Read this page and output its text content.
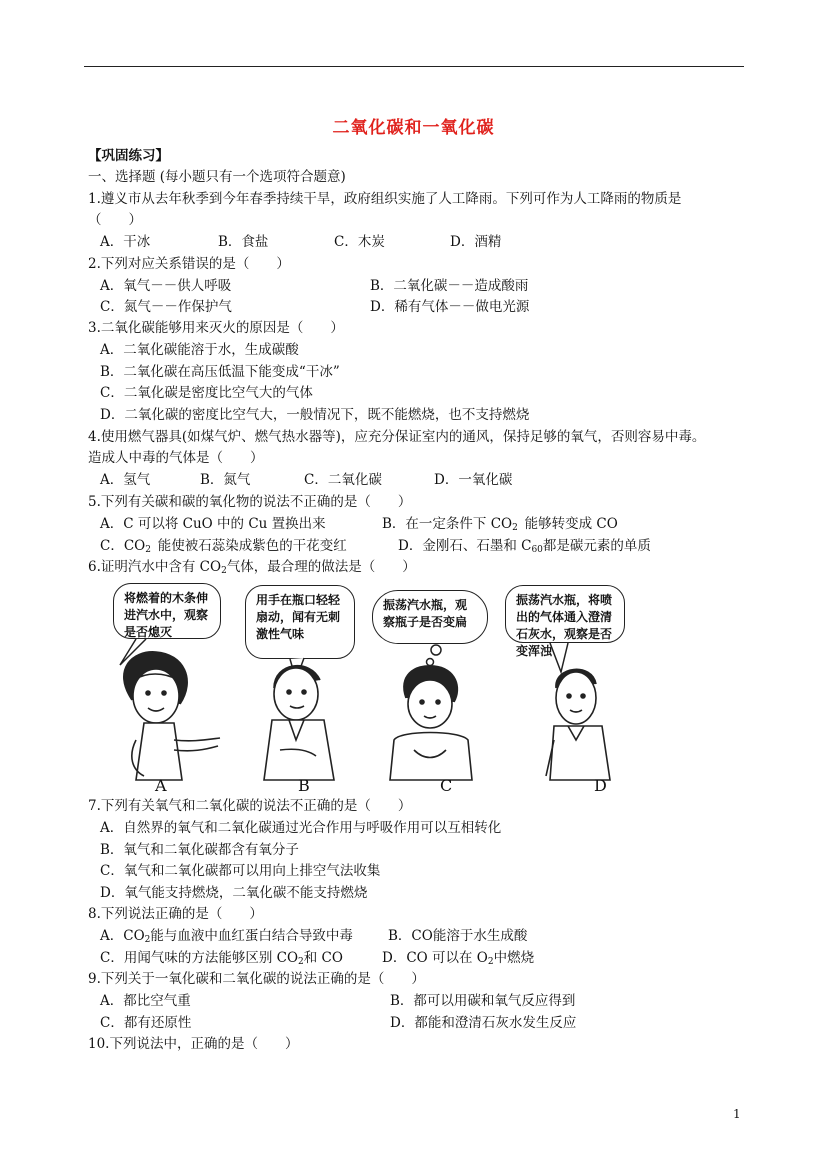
二氧化碳和一氧化碳
【巩固练习】
一、选择题 (每小题只有一个选项符合题意)
1.遵义市从去年秋季到今年春季持续干旱，政府组织实施了人工降雨。下列可作为人工降雨的物质是
（　　）
A．干冰	B．食盐	C．木炭	D．酒精
2.下列对应关系错误的是（　　）
A．氧气－－供人呼吸	B．二氧化碳－－造成酸雨
C．氮气－－作保护气	D．稀有气体－－做电光源
3.二氧化碳能够用来灭火的原因是（　　）
A．二氧化碳能溶于水，生成碳酸
B．二氧化碳在高压低温下能变成“干冰”
C．二氧化碳是密度比空气大的气体
D．二氧化碳的密度比空气大，一般情况下，既不能燃烧，也不支持燃烧
4.使用燃气器具(如煤气炉、燃气热水器等)，应充分保证室内的通风，保持足够的氧气，否则容易中毒。
造成人中毒的气体是（　　）
A．氢气	B．氮气	C．二氧化碳	D．一氧化碳
5.下列有关碳和碳的氧化物的说法不正确的是（　　）
A．C 可以将 CuO 中的 Cu 置换出来	B．在一定条件下 $CO_2$  能够转变成 CO
C．$CO_2$  能使被石蕊染成紫色的干花变红	D．金刚石、石墨和 $C_{60}$都是碳元素的单质
6.证明汽水中含有 $CO_2$气体，最合理的做法是（　　）
将燃着的木条伸进汽水中，观察是否熄灭
用手在瓶口轻轻扇动，闻有无刺激性气味
振荡汽水瓶，观察瓶子是否变扁
振荡汽水瓶，将喷出的气体通入澄清石灰水，观察是否变浑浊
A	B	C	D
7.下列有关氧气和二氧化碳的说法不正确的是（　　）
A．自然界的氧气和二氧化碳通过光合作用与呼吸作用可以互相转化
B．氧气和二氧化碳都含有氧分子
C．氧气和二氧化碳都可以用向上排空气法收集
D．氧气能支持燃烧，二氧化碳不能支持燃烧
8.下列说法正确的是（　　）
A．$CO_2$能与血液中血红蛋白结合导致中毒	B．CO能溶于水生成酸
C．用闻气味的方法能够区别 $CO_2$和 CO	D．CO 可以在 $O_2$中燃烧
9.下列关于一氧化碳和二氧化碳的说法正确的是（　　）
A．都比空气重	B．都可以用碳和氧气反应得到
C．都有还原性	D．都能和澄清石灰水发生反应
10.下列说法中，正确的是（　　）
1
